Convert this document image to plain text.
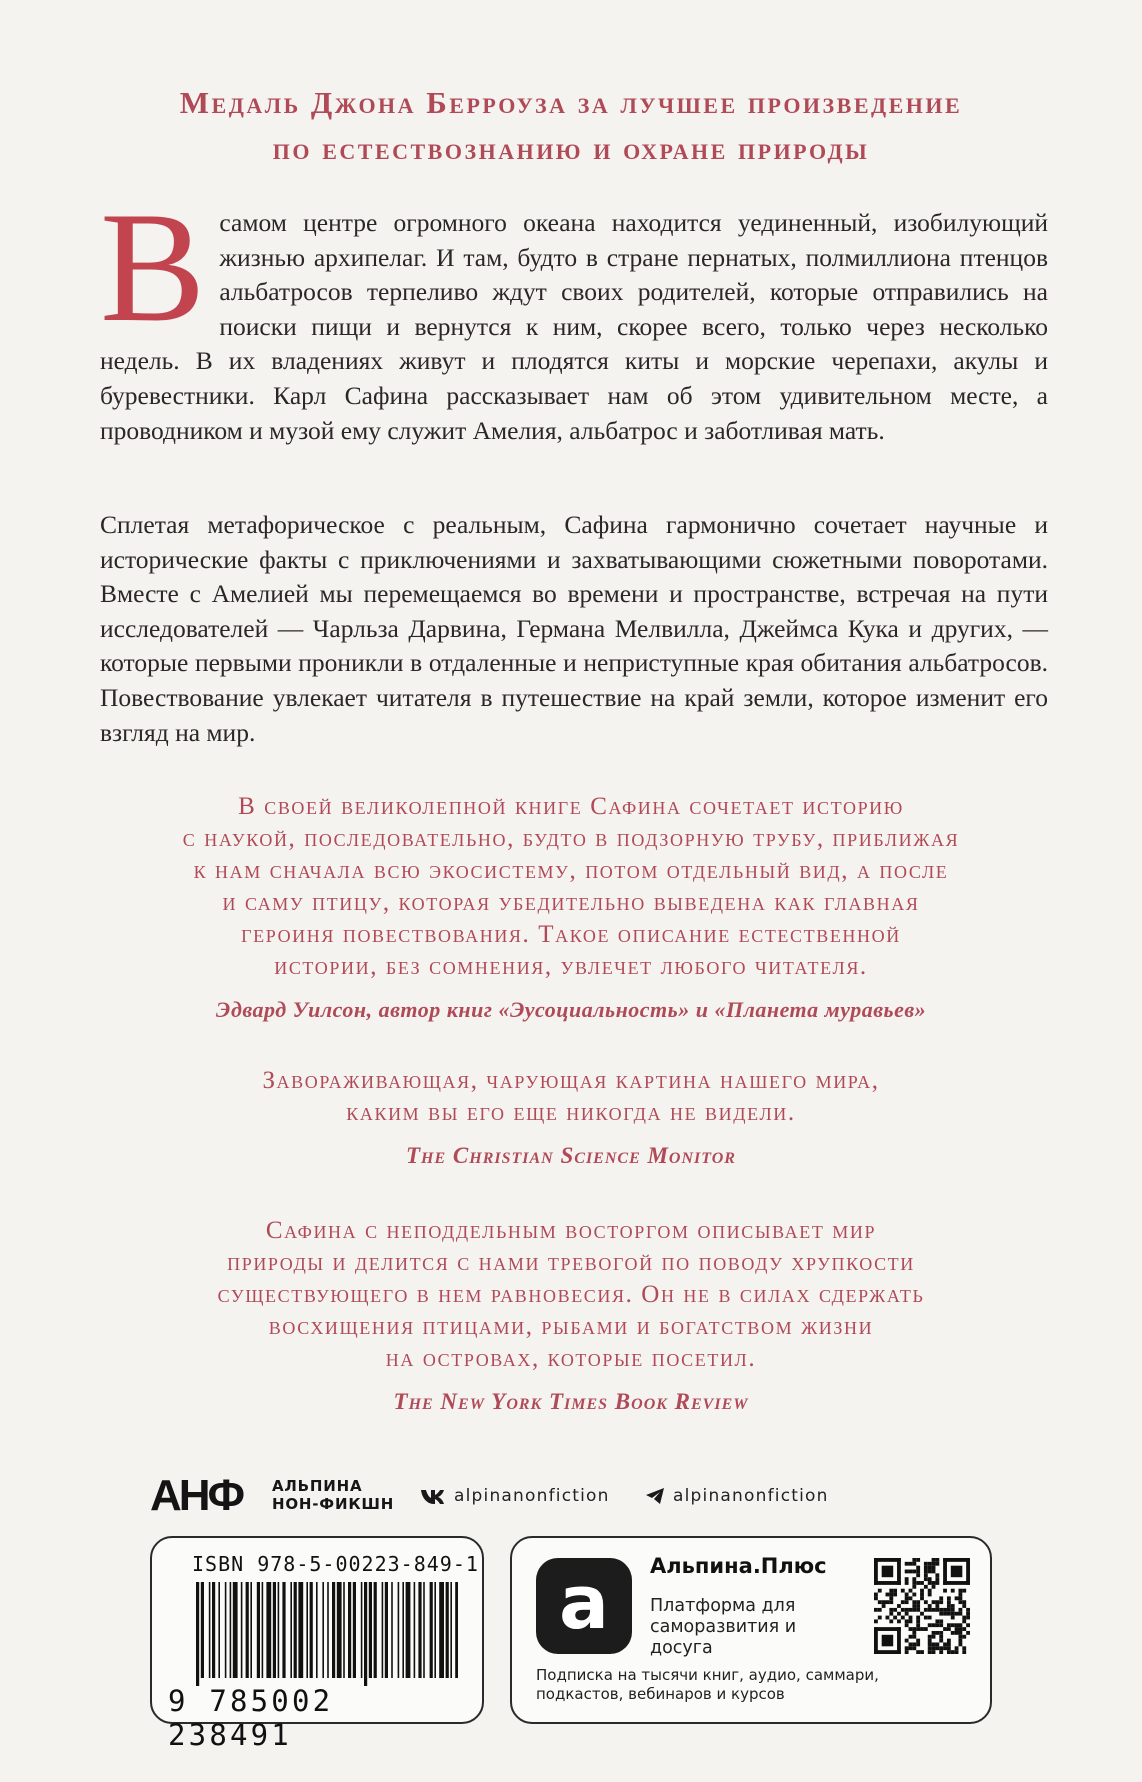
Медаль Джона Берроуза за лучшее произведение
по естествознанию и охране природы
В самом центре огромного океана находится уединенный, изобилующий жизнью архипелаг. И там, будто в стране пернатых, полмиллиона птенцов альбатросов терпеливо ждут своих родителей, которые отправились на поиски пищи и вернутся к ним, скорее всего, только через несколько недель. В их владениях живут и плодятся киты и морские черепахи, акулы и буревестники. Карл Сафина рассказывает нам об этом удивительном месте, а проводником и музой ему служит Амелия, альбатрос и заботливая мать.
Сплетая метафорическое с реальным, Сафина гармонично сочетает научные и исторические факты с приключениями и захватывающими сюжетными поворотами. Вместе с Амелией мы перемещаемся во времени и пространстве, встречая на пути исследователей — Чарльза Дарвина, Германа Мелвилла, Джеймса Кука и других, — которые первыми проникли в отдаленные и неприступные края обитания альбатросов. Повествование увлекает читателя в путешествие на край земли, которое изменит его взгляд на мир.
В своей великолепной книге Сафина сочетает историю
с наукой, последовательно, будто в подзорную трубу, приближая
к нам сначала всю экосистему, потом отдельный вид, а после
и саму птицу, которая убедительно выведена как главная
героиня повествования. Такое описание естественной
истории, без сомнения, увлечет любого читателя.
Эдвард Уилсон, автор книг «Эусоциальность» и «Планета муравьев»
Завораживающая, чарующая картина нашего мира,
каким вы его еще никогда не видели.
The Christian Science Monitor
Сафина с неподдельным восторгом описывает мир
природы и делится с нами тревогой по поводу хрупкости
существующего в нем равновесия. Он не в силах сдержать
восхищения птицами, рыбами и богатством жизни
на островах, которые посетил.
The New York Times Book Review
АНФ АЛЬПИНА
НОН-ФИКШН	alpinanonfiction	alpinanonfiction
ISBN 978-5-00223-849-1
9 785002 238491
a Альпина.Плюс
Платформа для саморазвития и досуга
Подписка на тысячи книг, аудио, саммари, подкастов, вебинаров и курсов
